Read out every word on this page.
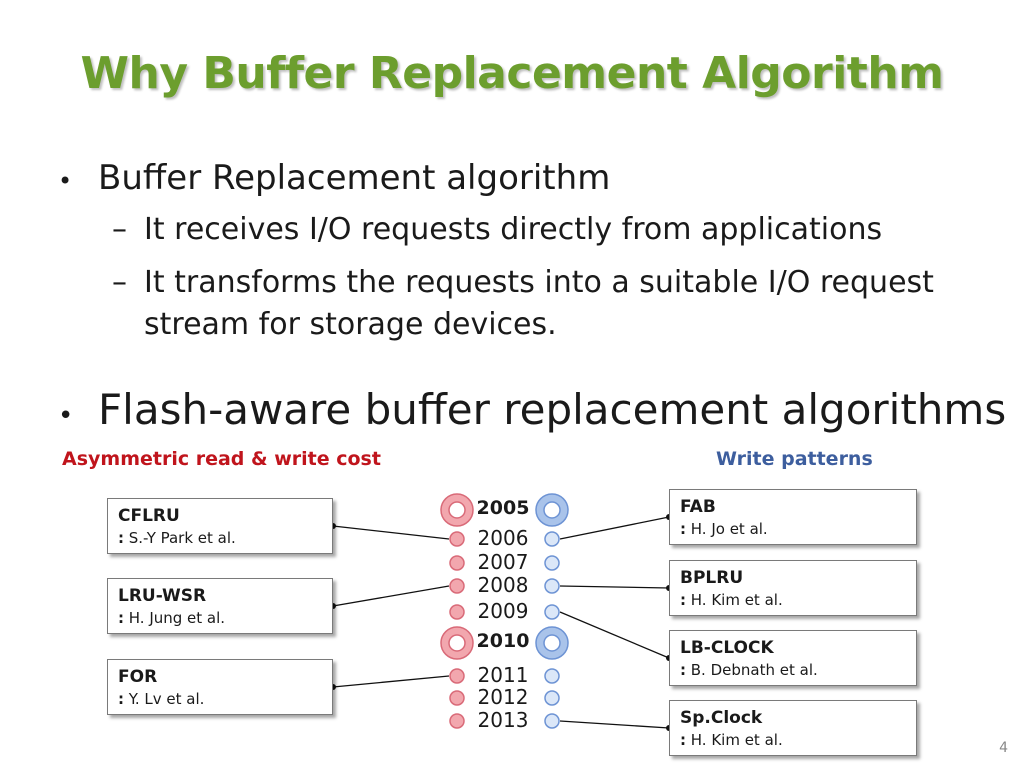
Why Buffer Replacement Algorithm
• Buffer Replacement algorithm
– It receives I/O requests directly from applications
– It transforms the requests into a suitable I/O request stream for storage devices.
• Flash-aware buffer replacement algorithms
Asymmetric read & write cost	Write patterns
2005
2006
2007
2008
2009
2010
2011
2012
2013
CFLRU
: S.-Y Park et al.
LRU-WSR
: H. Jung et al.
FOR
: Y. Lv et al.
FAB
: H. Jo et al.
BPLRU
: H. Kim et al.
LB-CLOCK
: B. Debnath et al.
Sp.Clock
: H. Kim et al.	4
